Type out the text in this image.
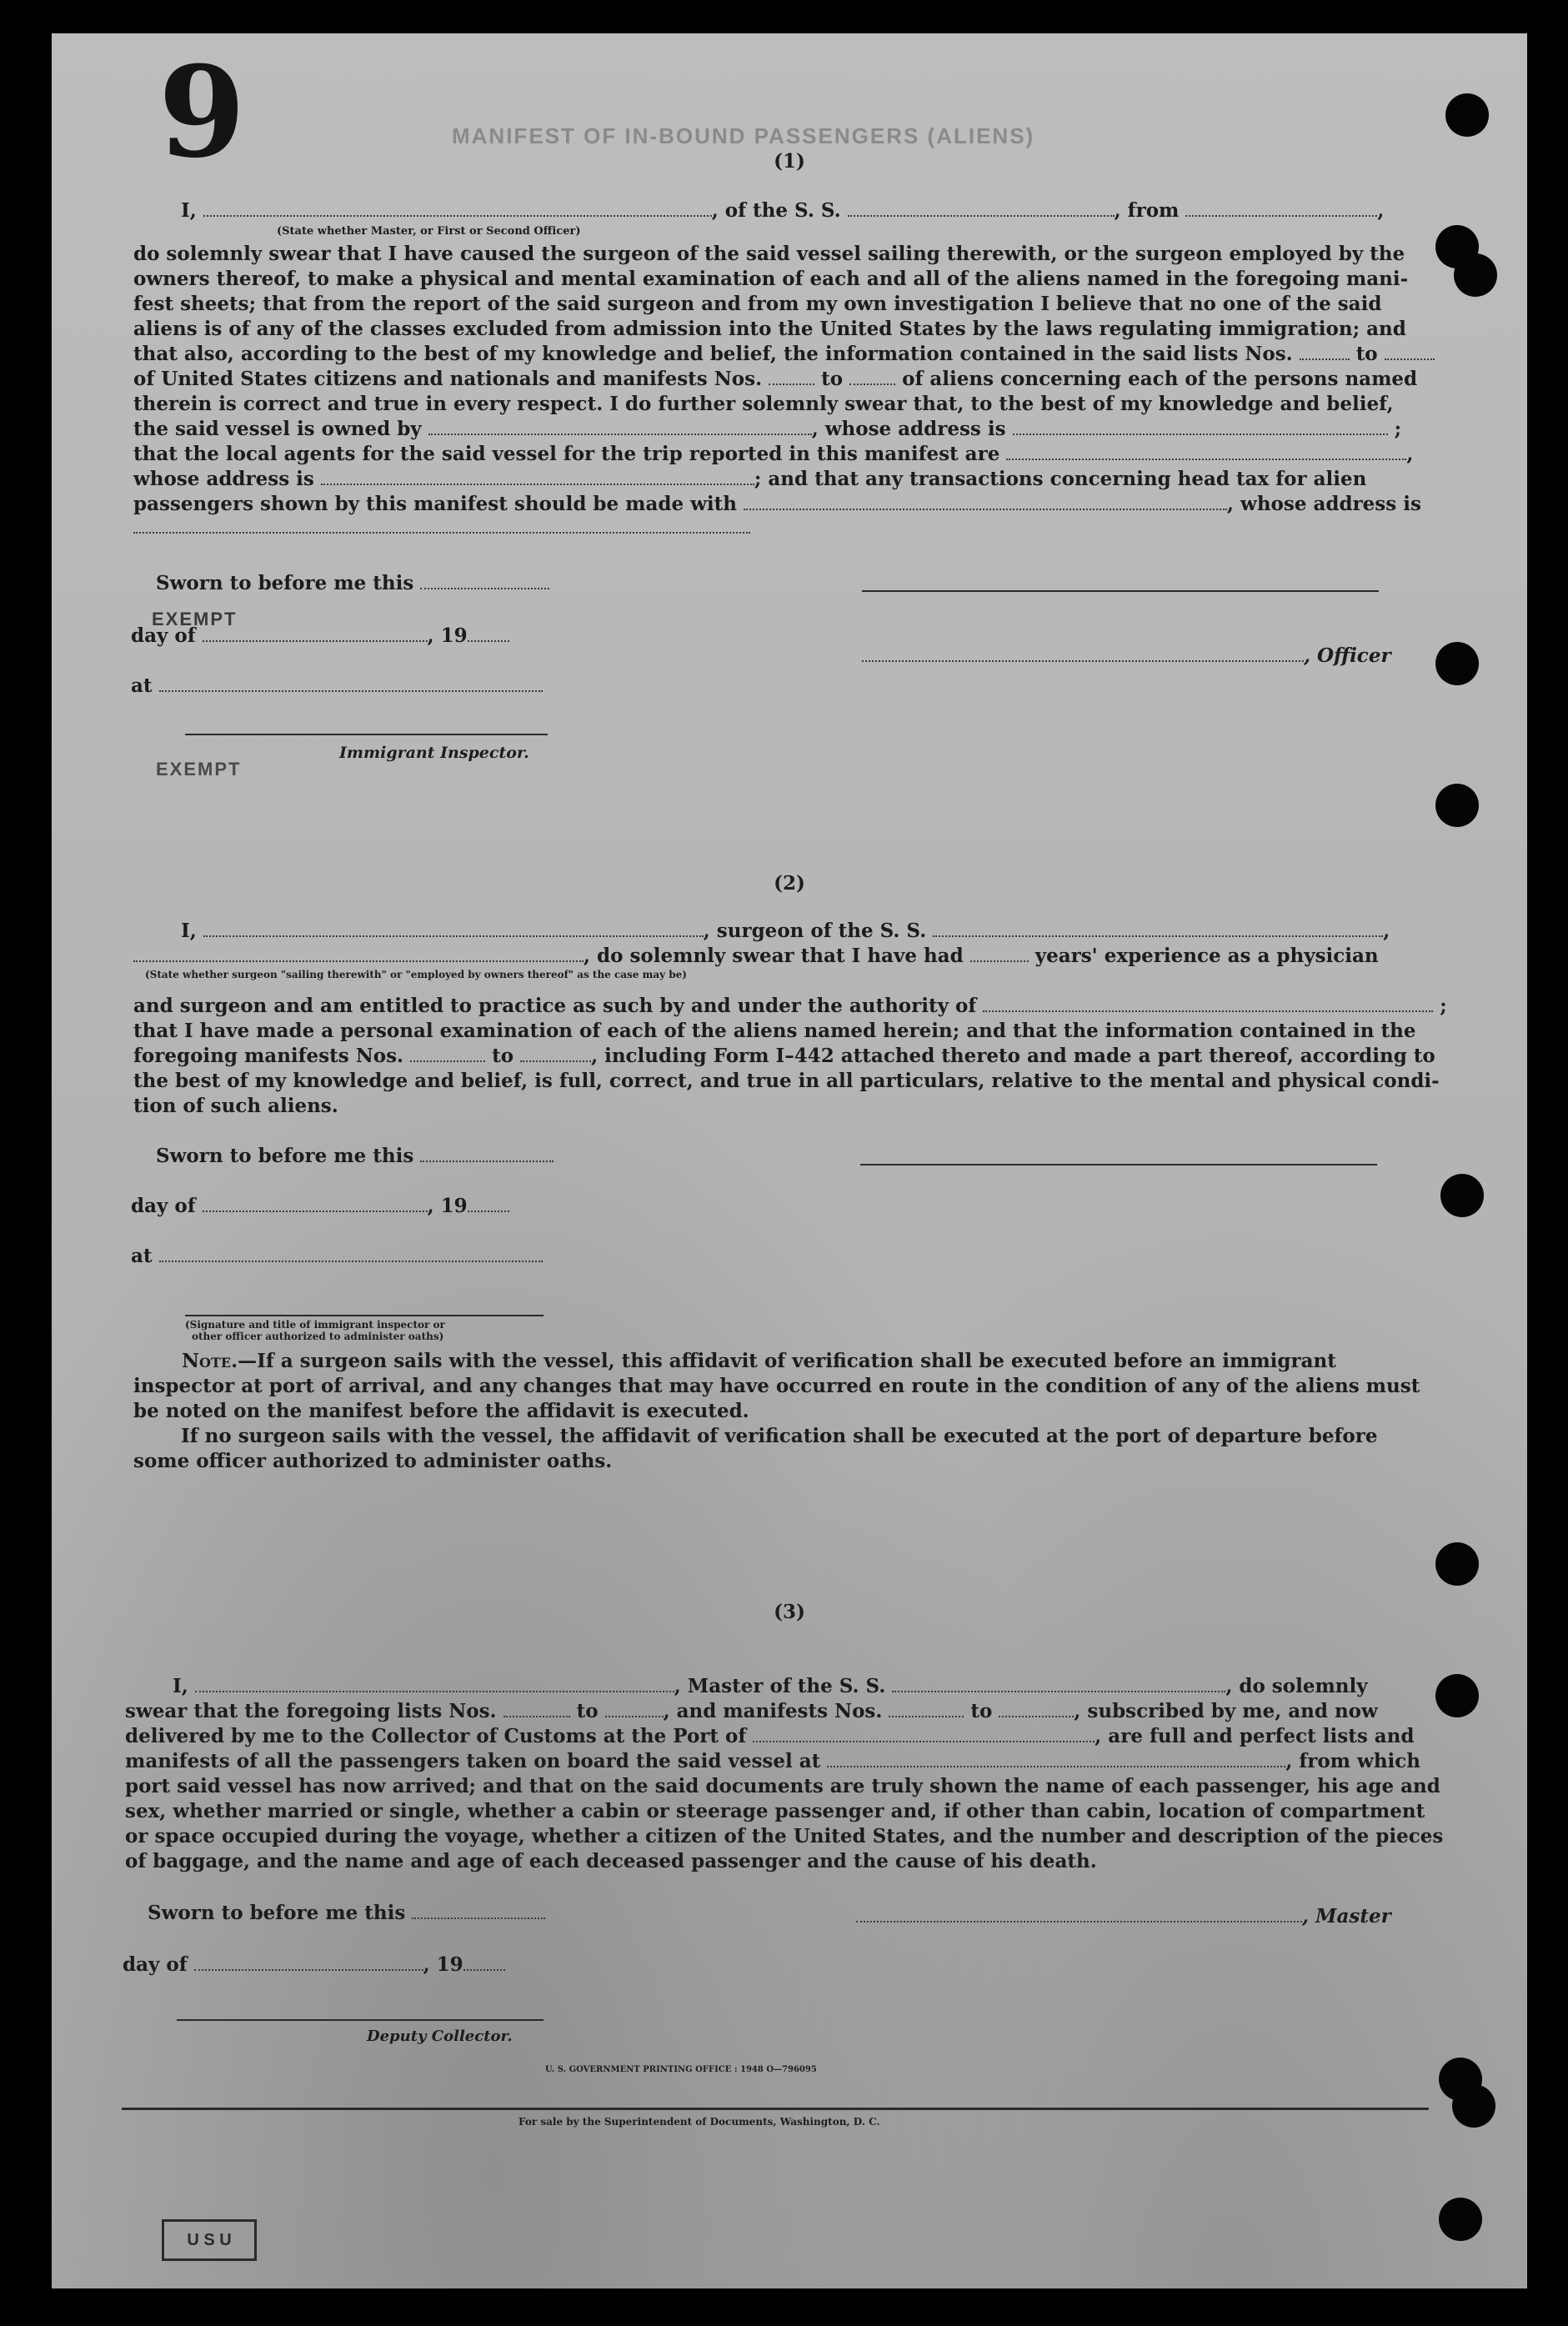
9	MANIFEST OF IN-BOUND PASSENGERS (ALIENS)
(1)
I,	, of the S. S.	, from	,
(State whether Master, or First or Second Officer)
do solemnly swear that I have caused the surgeon of the said vessel sailing therewith, or the surgeon employed by the
owners thereof, to make a physical and mental examination of each and all of the aliens named in the foregoing mani-
fest sheets; that from the report of the said surgeon and from my own investigation I believe that no one of the said
aliens is of any of the classes excluded from admission into the United States by the laws regulating immigration; and
that also, according to the best of my knowledge and belief, the information contained in the said lists Nos.	to
of United States citizens and nationals and manifests Nos.	to	of aliens concerning each of the persons named
therein is correct and true in every respect. I do further solemnly swear that, to the best of my knowledge and belief,
the said vessel is owned by	, whose address is	;
that the local agents for the said vessel for the trip reported in this manifest are	,
whose address is	; and that any transactions concerning head tax for alien
passengers shown by this manifest should be made with	, whose address is
Sworn to before me this
EXEMPT
day of	, 19
, Officer
at
Immigrant Inspector.
EXEMPT
(2)
I,	, surgeon of the S. S.	,
, do solemnly swear that I have had	years' experience as a physician
(State whether surgeon "sailing therewith" or "employed by owners thereof" as the case may be)
and surgeon and am entitled to practice as such by and under the authority of	;
that I have made a personal examination of each of the aliens named herein; and that the information contained in the
foregoing manifests Nos.	to	, including Form I–442 attached thereto and made a part thereof, according to
the best of my knowledge and belief, is full, correct, and true in all particulars, relative to the mental and physical condi-
tion of such aliens.
Sworn to before me this
day of	, 19
at
(Signature and title of immigrant inspector or
other officer authorized to administer oaths)
Note.—If a surgeon sails with the vessel, this affidavit of verification shall be executed before an immigrant
inspector at port of arrival, and any changes that may have occurred en route in the condition of any of the aliens must
be noted on the manifest before the affidavit is executed.
If no surgeon sails with the vessel, the affidavit of verification shall be executed at the port of departure before
some officer authorized to administer oaths.
(3)
I,	, Master of the S. S.	, do solemnly
swear that the foregoing lists Nos.	to	, and manifests Nos.	to	, subscribed by me, and now
delivered by me to the Collector of Customs at the Port of	, are full and perfect lists and
manifests of all the passengers taken on board the said vessel at	, from which
port said vessel has now arrived; and that on the said documents are truly shown the name of each passenger, his age and
sex, whether married or single, whether a cabin or steerage passenger and, if other than cabin, location of compartment
or space occupied during the voyage, whether a citizen of the United States, and the number and description of the pieces
of baggage, and the name and age of each deceased passenger and the cause of his death.
Sworn to before me this	, Master
day of	, 19
Deputy Collector.
U. S. GOVERNMENT PRINTING OFFICE : 1948 O—796095
For sale by the Superintendent of Documents, Washington, D. C.
U S U
